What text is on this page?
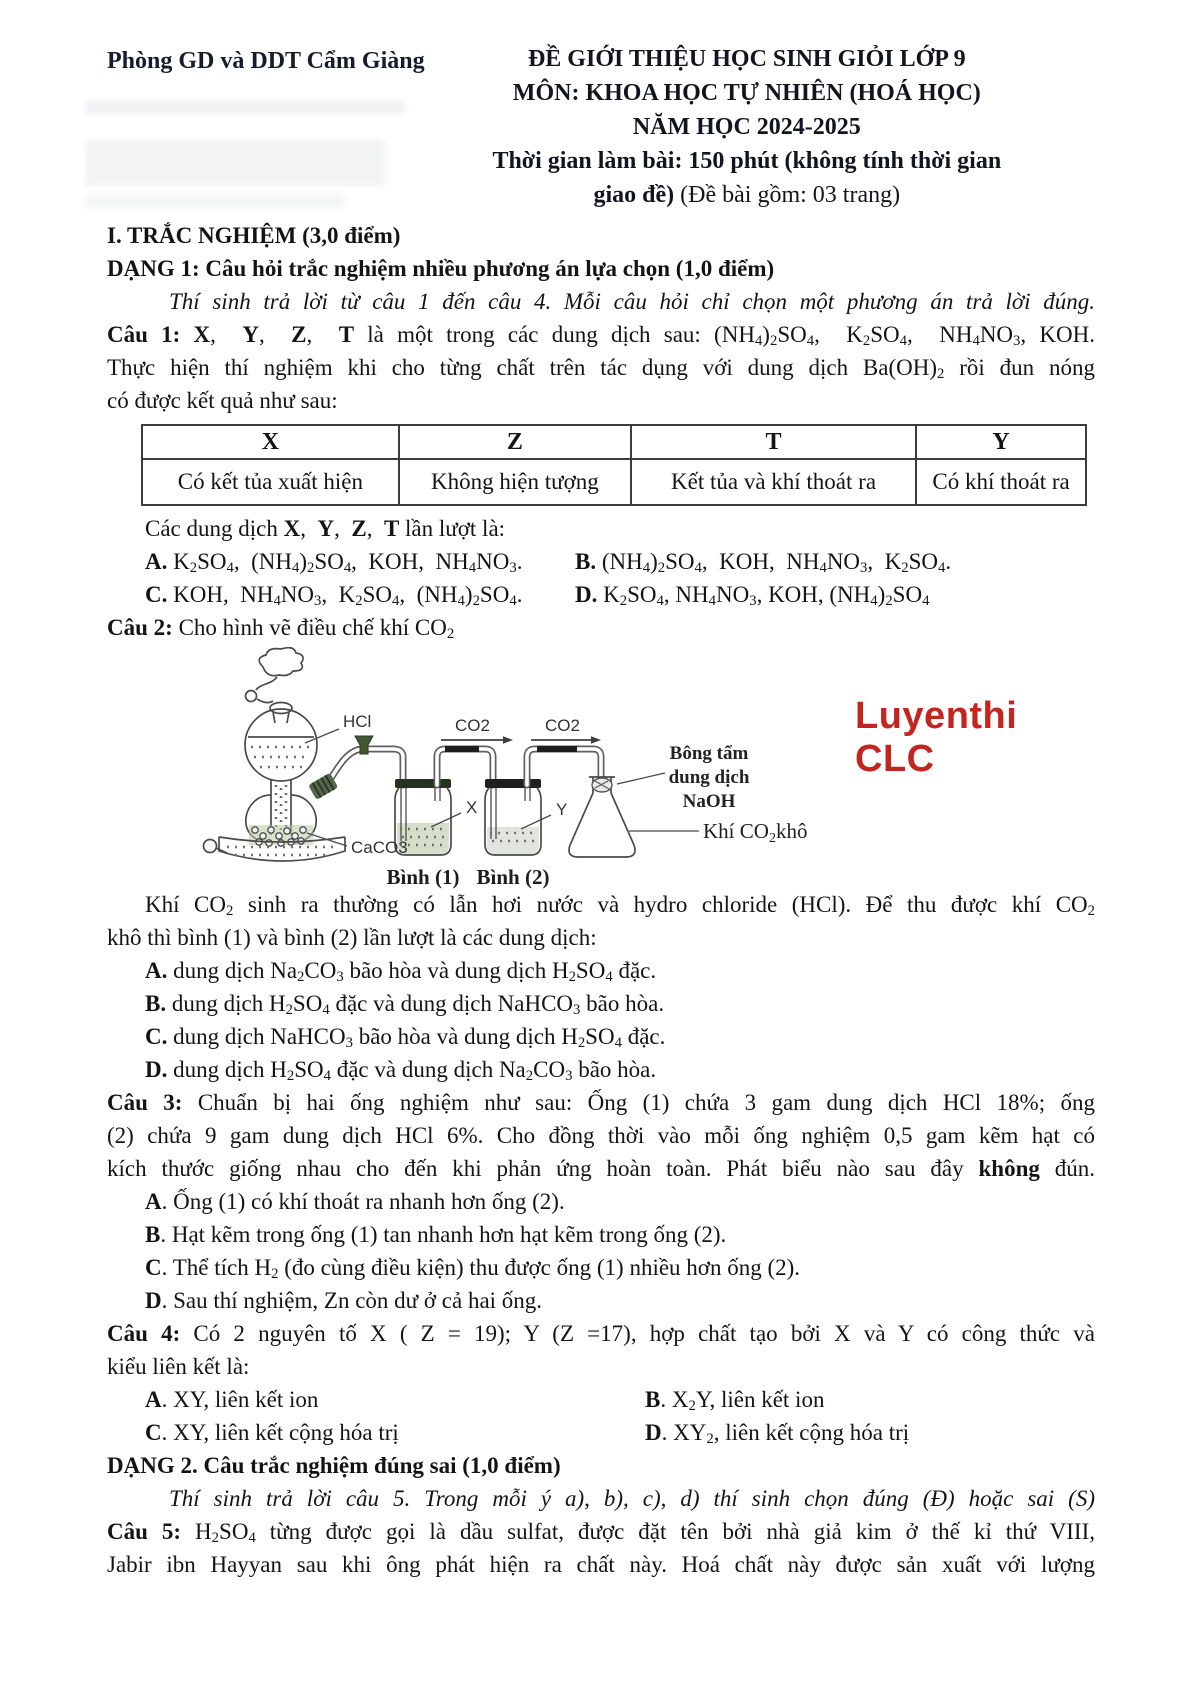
Phòng GD và DDT Cẩm Giàng	ĐỀ GIỚI THIỆU HỌC SINH GIỎI LỚP 9
MÔN: KHOA HỌC TỰ NHIÊN (HOÁ HỌC)
NĂM HỌC 2024-2025
Thời gian làm bài: 150 phút (không tính thời gian
giao đề) (Đề bài gồm: 03 trang)
I. TRẮC NGHIỆM (3,0 điểm)
DẠNG 1: Câu hỏi trắc nghiệm nhiều phương án lựa chọn (1,0 điểm)
Thí sinh trả lời từ câu 1 đến câu 4. Mỗi câu hỏi chỉ chọn một phương án trả lời đúng.
Câu 1: X,  Y,  Z,  T là một trong các dung dịch sau: $(NH_4)_2SO_4$,  $K_2SO_4$,  $NH_4NO_3$, KOH.
Thực hiện thí nghiệm khi cho từng chất trên tác dụng với dung dịch $Ba(OH)_2$ rồi đun nóng
có được kết quả như sau:
X	Z	T	Y
Có kết tủa xuất hiện	Không hiện tượng	Kết tủa và khí thoát ra	Có khí thoát ra
Các dung dịch X,  Y,  Z,  T lần lượt là:
A. $K_2SO_4$,  $(NH_4)_2SO_4$,  KOH,  $NH_4NO_3$. B. $(NH_4)_2SO_4$,  KOH,  $NH_4NO_3$,  $K_2SO_4$.
C. KOH,  $NH_4NO_3$,  $K_2SO_4$,  $(NH_4)_2SO_4$. D. $K_2SO_4$, $NH_4NO_3$, KOH, $(NH_4)_2SO_4$
Câu 2: Cho hình vẽ điều chế khí $CO_2$
HCl
CaCO3
CO2	CO2
X	Y
Bông tẩm
dung dịch
NaOH
Khí CO2khô
Bình (1) Bình (2)
Luyenthi CLC
Khí $CO_2$ sinh ra thường có lẫn hơi nước và hydro chloride (HCl). Để thu được khí $CO_2$
khô thì bình (1) và bình (2) lần lượt là các dung dịch:
A. dung dịch $Na_2CO_3$ bão hòa và dung dịch $H_2SO_4$ đặc.
B. dung dịch $H_2SO_4$ đặc và dung dịch NaHCO$_3$ bão hòa.
C. dung dịch NaHCO$_3$ bão hòa và dung dịch $H_2SO_4$ đặc.
D. dung dịch $H_2SO_4$ đặc và dung dịch $Na_2CO_3$ bão hòa.
Câu 3: Chuẩn bị hai ống nghiệm như sau: Ống (1) chứa 3 gam dung dịch HCl 18%; ống
(2) chứa 9 gam dung dịch HCl 6%. Cho đồng thời vào mỗi ống nghiệm 0,5 gam kẽm hạt có
kích thước giống nhau cho đến khi phản ứng hoàn toàn. Phát biểu nào sau đây không đún.
A. Ống (1) có khí thoát ra nhanh hơn ống (2).
B. Hạt kẽm trong ống (1) tan nhanh hơn hạt kẽm trong ống (2).
C. Thể tích $H_2$ (đo cùng điều kiện) thu được ống (1) nhiều hơn ống (2).
D. Sau thí nghiệm, Zn còn dư ở cả hai ống.
Câu 4: Có 2 nguyên tố X ( Z = 19); Y (Z =17), hợp chất tạo bởi X và Y có công thức và
kiểu liên kết là:
A. XY, liên kết ion	B. $X_2Y$, liên kết ion
C. XY, liên kết cộng hóa trị	D. $XY_2$, liên kết cộng hóa trị
DẠNG 2. Câu trắc nghiệm đúng sai (1,0 điểm)
Thí sinh trả lời câu 5. Trong mỗi ý a), b), c), d) thí sinh chọn đúng (Đ) hoặc sai (S)
Câu 5: $H_2SO_4$ từng được gọi là dầu sulfat, được đặt tên bởi nhà giả kim ở thế kỉ thứ VIII,
Jabir ibn Hayyan sau khi ông phát hiện ra chất này. Hoá chất này được sản xuất với lượng
